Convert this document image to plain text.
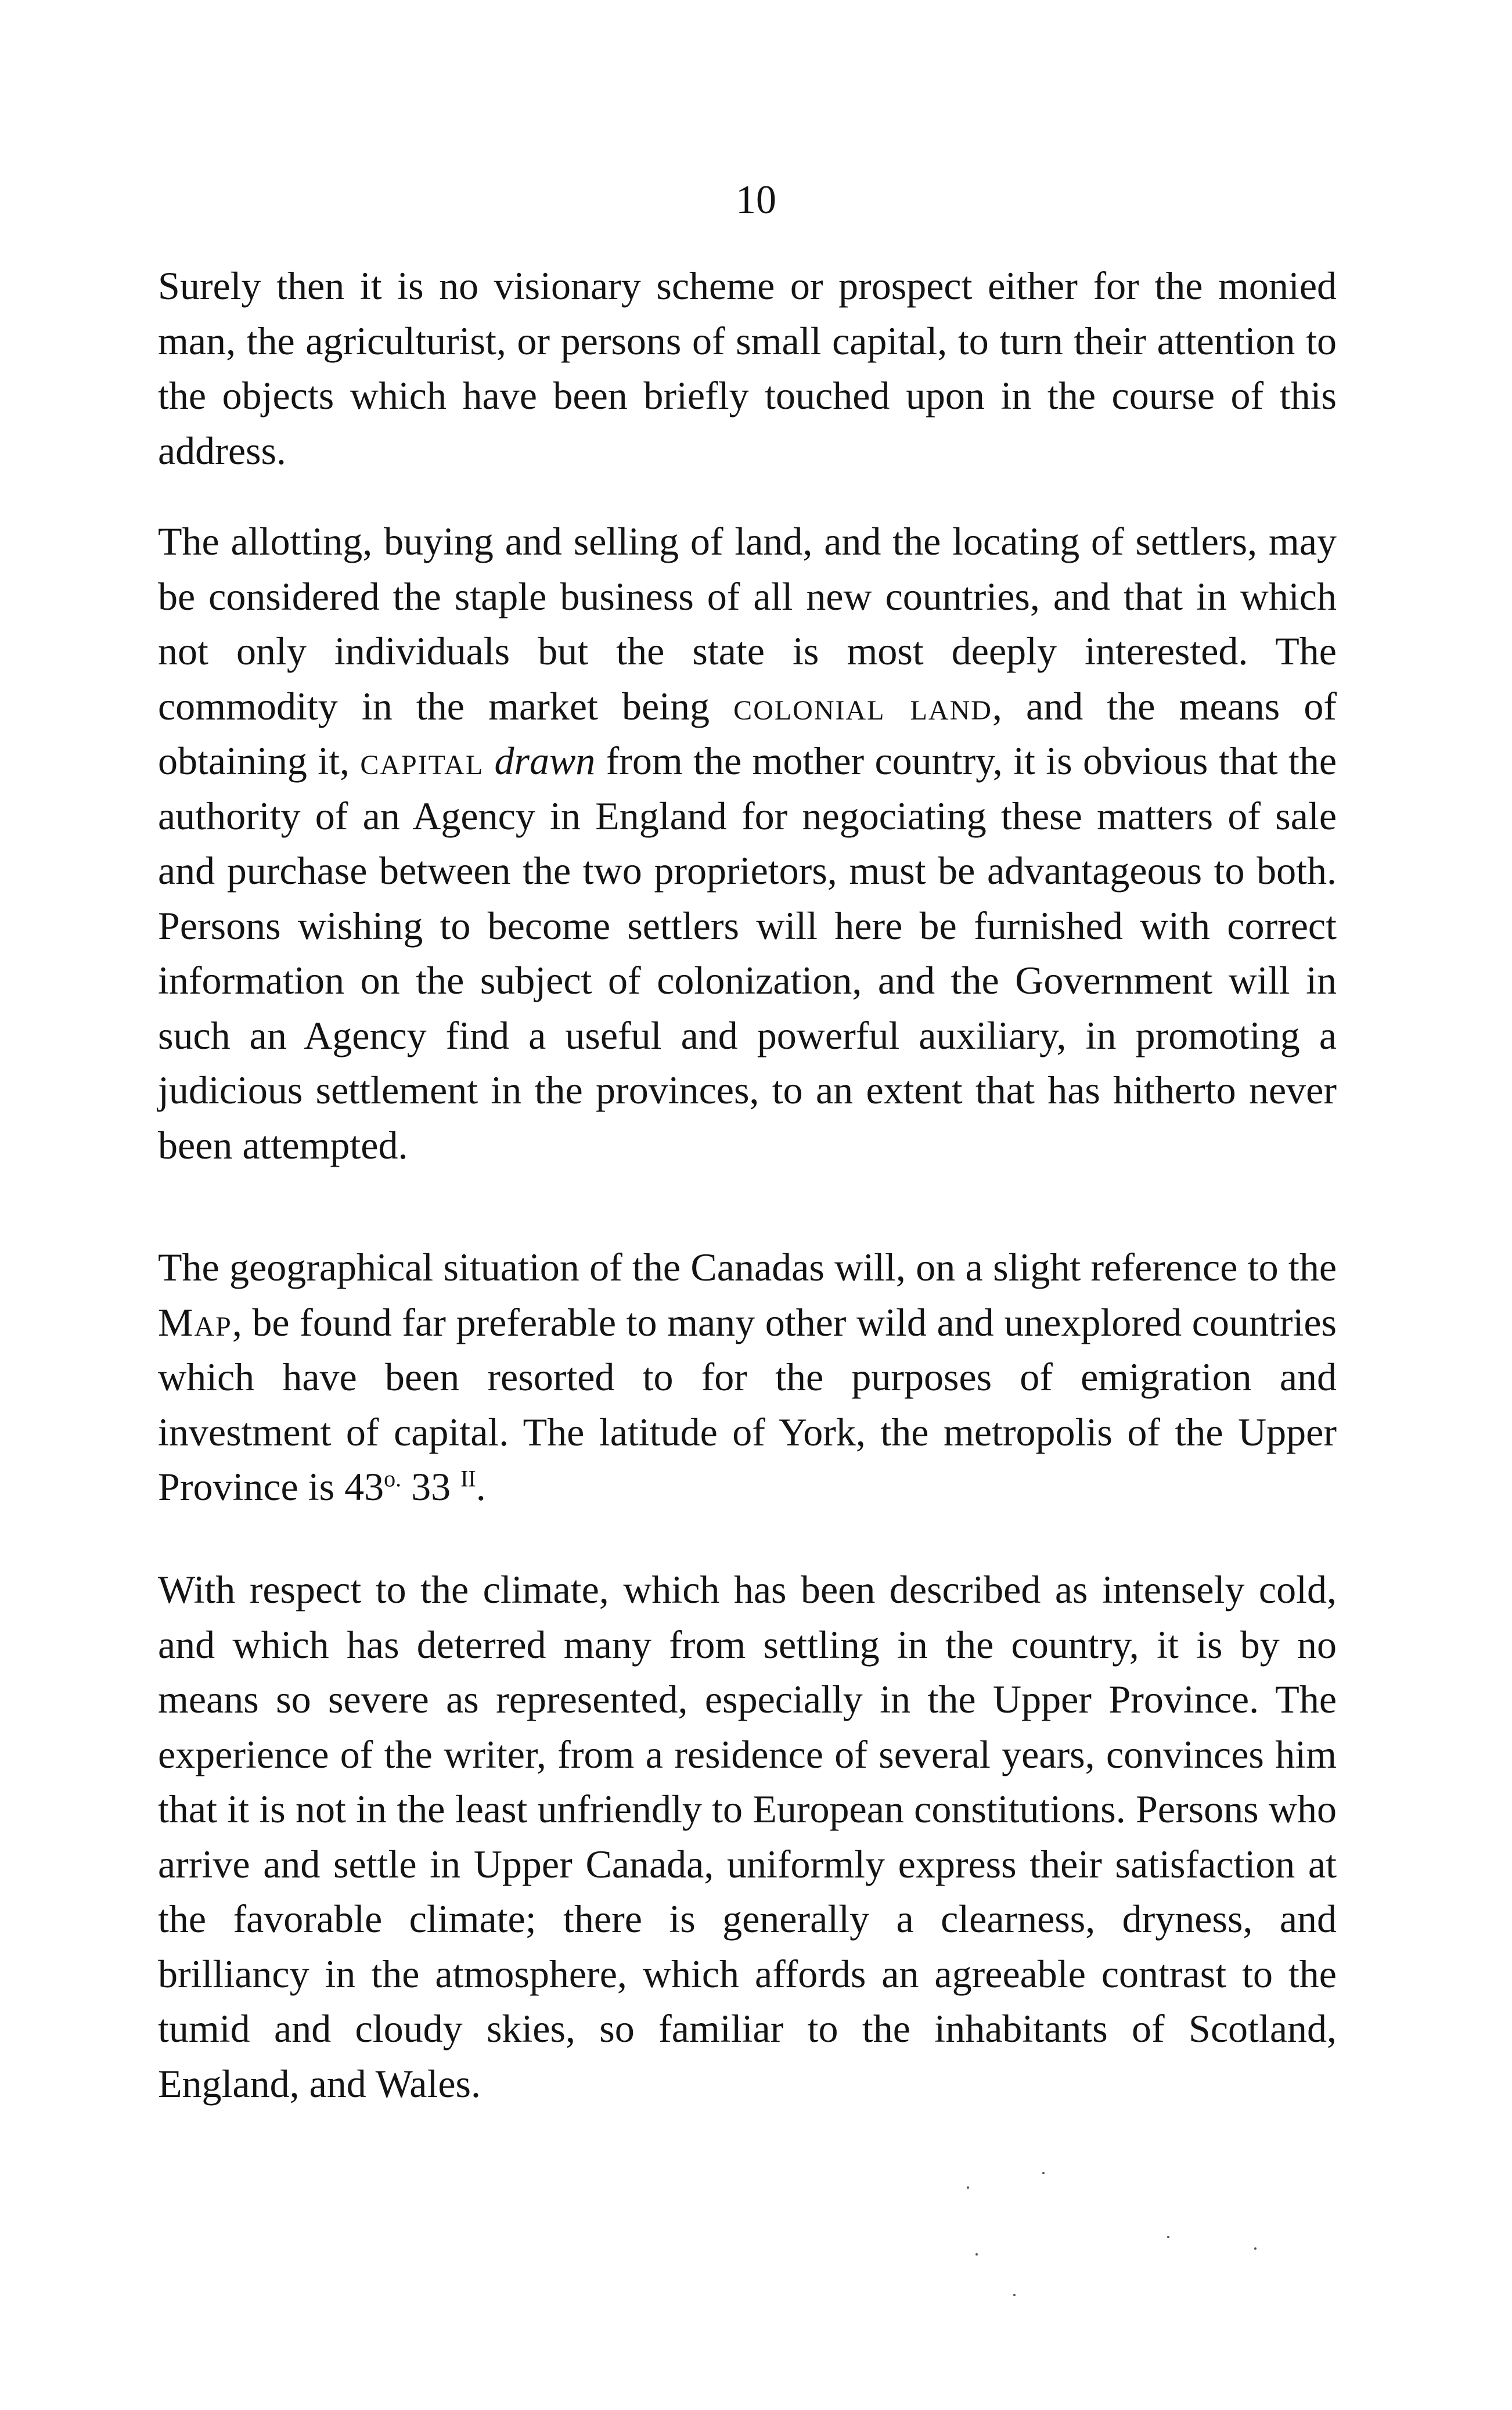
10

Surely then it is no visionary scheme or prospect either for the monied man, the agriculturist, or persons of small capital, to turn their attention to the objects which have been briefly touched upon in the course of this address.

The allotting, buying and selling of land, and the locating of settlers, may be considered the staple business of all new countries, and that in which not only individuals but the state is most deeply interested. The commodity in the market being colonial land, and the means of obtaining it, capital drawn from the mother country, it is obvious that the authority of an Agency in England for negociating these matters of sale and purchase between the two proprietors, must be advantageous to both. Persons wishing to become settlers will here be furnished with correct information on the subject of colonization, and the Government will in such an Agency find a useful and powerful auxiliary, in promoting a judicious settlement in the provinces, to an extent that has hitherto never been attempted.

The geographical situation of the Canadas will, on a slight reference to the Map, be found far preferable to many other wild and unexplored countries which have been resorted to for the purposes of emigration and investment of capital. The latitude of York, the metropolis of the Upper Province is $43^{o.}$ 33 $^{II}$.

With respect to the climate, which has been described as intensely cold, and which has deterred many from settling in the country, it is by no means so severe as represented, especially in the Upper Province. The experience of the writer, from a residence of several years, convinces him that it is not in the least unfriendly to European constitutions. Persons who arrive and settle in Upper Canada, uniformly express their satisfaction at the favorable climate; there is generally a clearness, dryness, and brilliancy in the atmosphere, which affords an agreeable contrast to the tumid and cloudy skies, so familiar to the inhabitants of Scotland, England, and Wales.
